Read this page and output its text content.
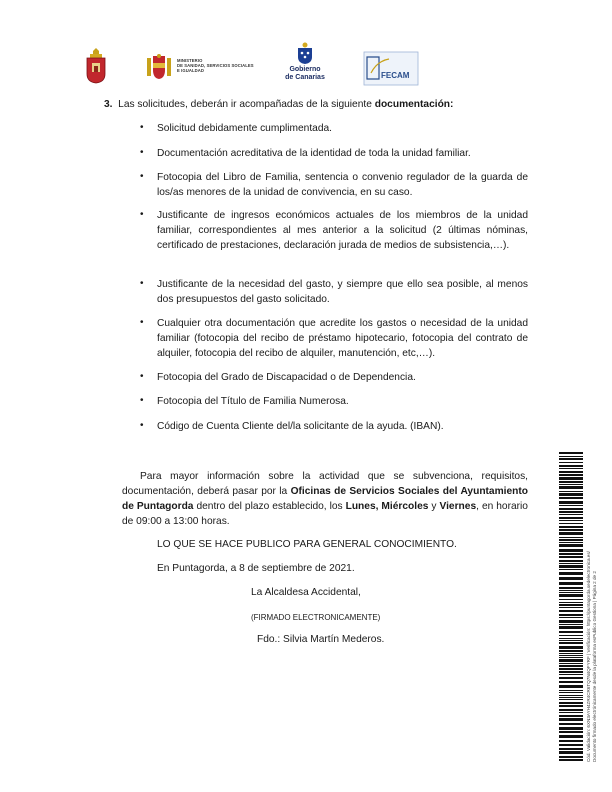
MINISTERIO
DE SANIDAD, SERVICIOS SOCIALES
E IGUALDAD	Gobierno
de Canarias	FECAM
3. Las solicitudes, deberán ir acompañadas de la siguiente documentación:
• Solicitud debidamente cumplimentada.
• Documentación acreditativa de la identidad de toda la unidad familiar.
• Fotocopia del Libro de Familia, sentencia o convenio regulador de la guarda de los/as menores de la unidad de convivencia, en su caso.
• Justificante de ingresos económicos actuales de los miembros de la unidad familiar, correspondientes al mes anterior a la solicitud (2 últimas nóminas, certificado de prestaciones, declaración jurada de medios de subsistencia,…).
• Justificante de la necesidad del gasto, y siempre que ello sea posible, al menos dos presupuestos del gasto solicitado.
• Cualquier otra documentación que acredite los gastos o necesidad de la unidad familiar (fotocopia del recibo de préstamo hipotecario, fotocopia del contrato de alquiler, fotocopia del recibo de alquiler, manutención, etc,…).
• Fotocopia del Grado de Discapacidad o de Dependencia.
• Fotocopia del Título de Familia Numerosa.
• Código de Cuenta Cliente del/la solicitante de la ayuda. (IBAN).
Para mayor información sobre la actividad que se subvenciona, requisitos, documentación, deberá pasar por la Oficinas de Servicios Sociales del Ayuntamiento de Puntagorda dentro del plazo establecido, los Lunes, Miércoles y Viernes, en horario de 09:00 a 13:00 horas.
LO QUE SE HACE PUBLICO PARA GENERAL CONOCIMIENTO.
En Puntagorda, a 8 de septiembre de 2021.
La Alcaldesa Accidental,
(FIRMADO ELECTRONICAMENTE)
Fdo.: Silvia Martín Mederos.	Cód. Validación: 6XN3AYH4ZR4CR6TQ7N4QFYRF | Verificación: https://puntagorda.sedelectronica.es/ Documento firmado electrónicamente desde la plataforma esPublico Gestiona | Página 2 de 2
